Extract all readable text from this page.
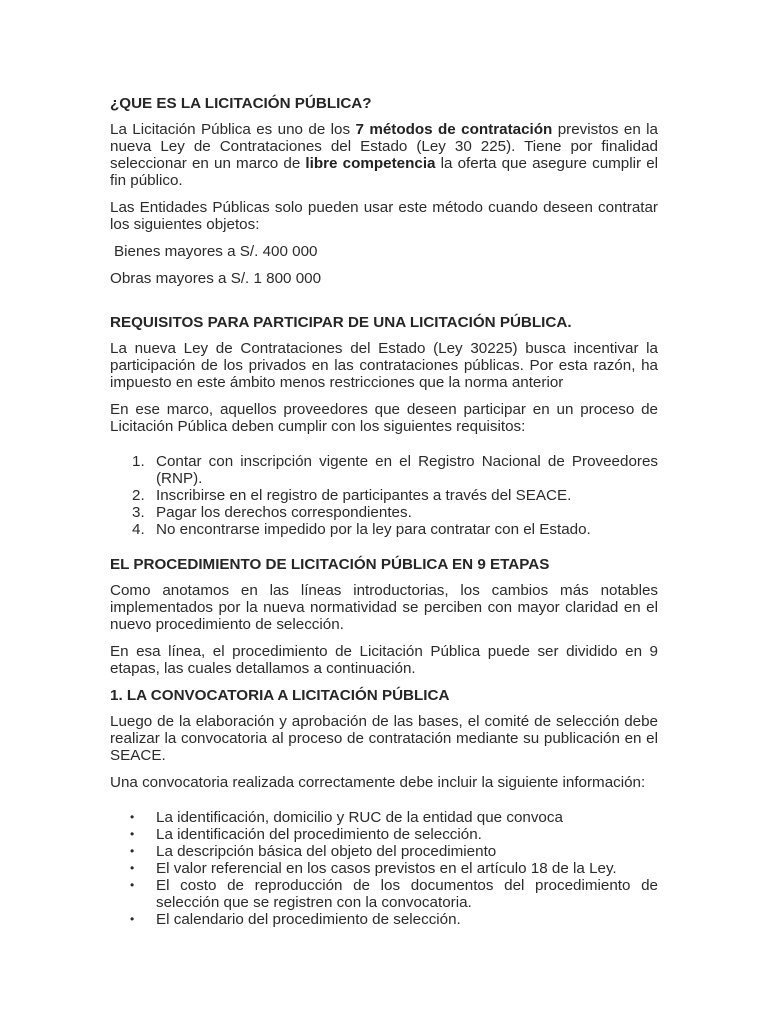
¿QUE ES LA LICITACIÓN PÚBLICA?

La Licitación Pública es uno de los 7 métodos de contratación previstos en la nueva Ley de Contrataciones del Estado (Ley 30 225). Tiene por finalidad seleccionar en un marco de libre competencia la oferta que asegure cumplir el fin público.

Las Entidades Públicas solo pueden usar este método cuando deseen contratar los siguientes objetos:

Bienes mayores a S/. 400 000

Obras mayores a S/. 1 800 000

REQUISITOS PARA PARTICIPAR DE UNA LICITACIÓN PÚBLICA.

La nueva Ley de Contrataciones del Estado (Ley 30225) busca incentivar la participación de los privados en las contrataciones públicas. Por esta razón, ha impuesto en este ámbito menos restricciones que la norma anterior

En ese marco, aquellos proveedores que deseen participar en un proceso de Licitación Pública deben cumplir con los siguientes requisitos:

1. Contar con inscripción vigente en el Registro Nacional de Proveedores (RNP).
2. Inscribirse en el registro de participantes a través del SEACE.
3. Pagar los derechos correspondientes.
4. No encontrarse impedido por la ley para contratar con el Estado.
EL PROCEDIMIENTO DE LICITACIÓN PÚBLICA EN 9 ETAPAS

Como anotamos en las líneas introductorias, los cambios más notables implementados por la nueva normatividad se perciben con mayor claridad en el nuevo procedimiento de selección.

En esa línea, el procedimiento de Licitación Pública puede ser dividido en 9 etapas, las cuales detallamos a continuación.

1. LA CONVOCATORIA A LICITACIÓN PÚBLICA

Luego de la elaboración y aprobación de las bases, el comité de selección debe realizar la convocatoria al proceso de contratación mediante su publicación en el SEACE.

Una convocatoria realizada correctamente debe incluir la siguiente información:

• La identificación, domicilio y RUC de la entidad que convoca
• La identificación del procedimiento de selección.
• La descripción básica del objeto del procedimiento
• El valor referencial en los casos previstos en el artículo 18 de la Ley.
• El costo de reproducción de los documentos del procedimiento de selección que se registren con la convocatoria.
• El calendario del procedimiento de selección.
